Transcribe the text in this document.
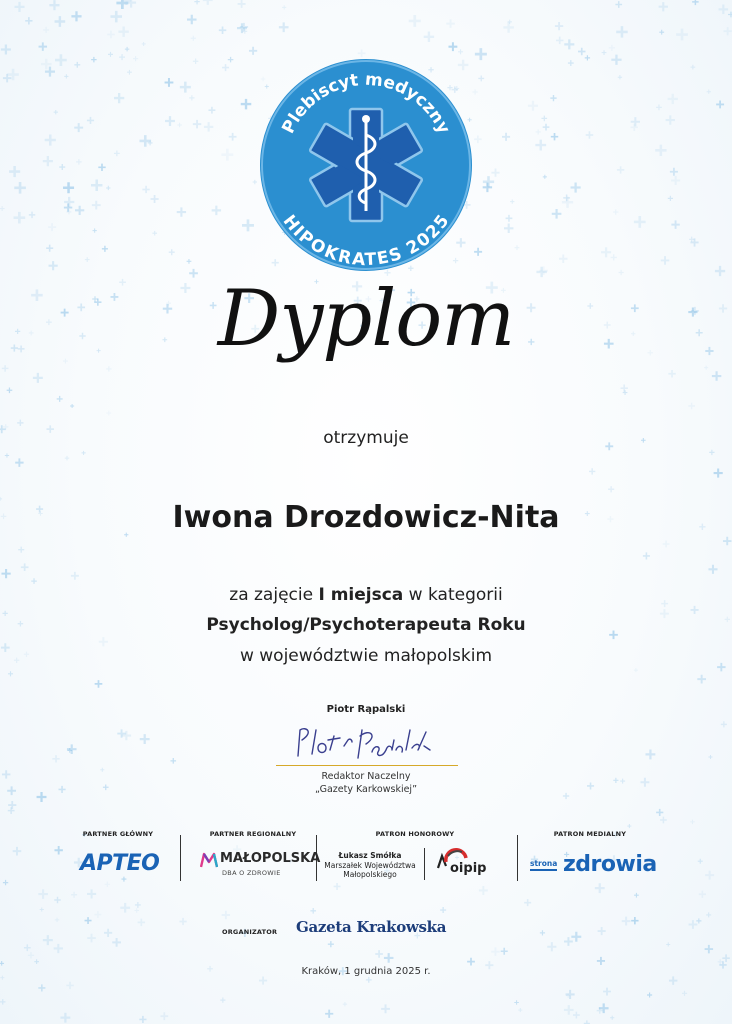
Plebiscyt medyczny
HIPOKRATES 2025
Dyplom
otrzymuje
Iwona Drozdowicz-Nita
za zajęcie I miejsca w kategorii
Psycholog/Psychoterapeuta Roku
w województwie małopolskim
Piotr Rąpalski
Redaktor Naczelny
„Gazety Karkowskiej”
PARTNER GŁÓWNY	PARTNER REGIONALNY	PATRON HONOROWY	PATRON MEDIALNY
APTEO	MAŁOPOLSKA
DBA O ZDROWIE
Łukasz Smółka
Marszałek Województwa
Małopolskiego	oipip	strona zdrowia
ORGANIZATOR Gazeta Krakowska
Kraków, 1 grudnia 2025 r.
